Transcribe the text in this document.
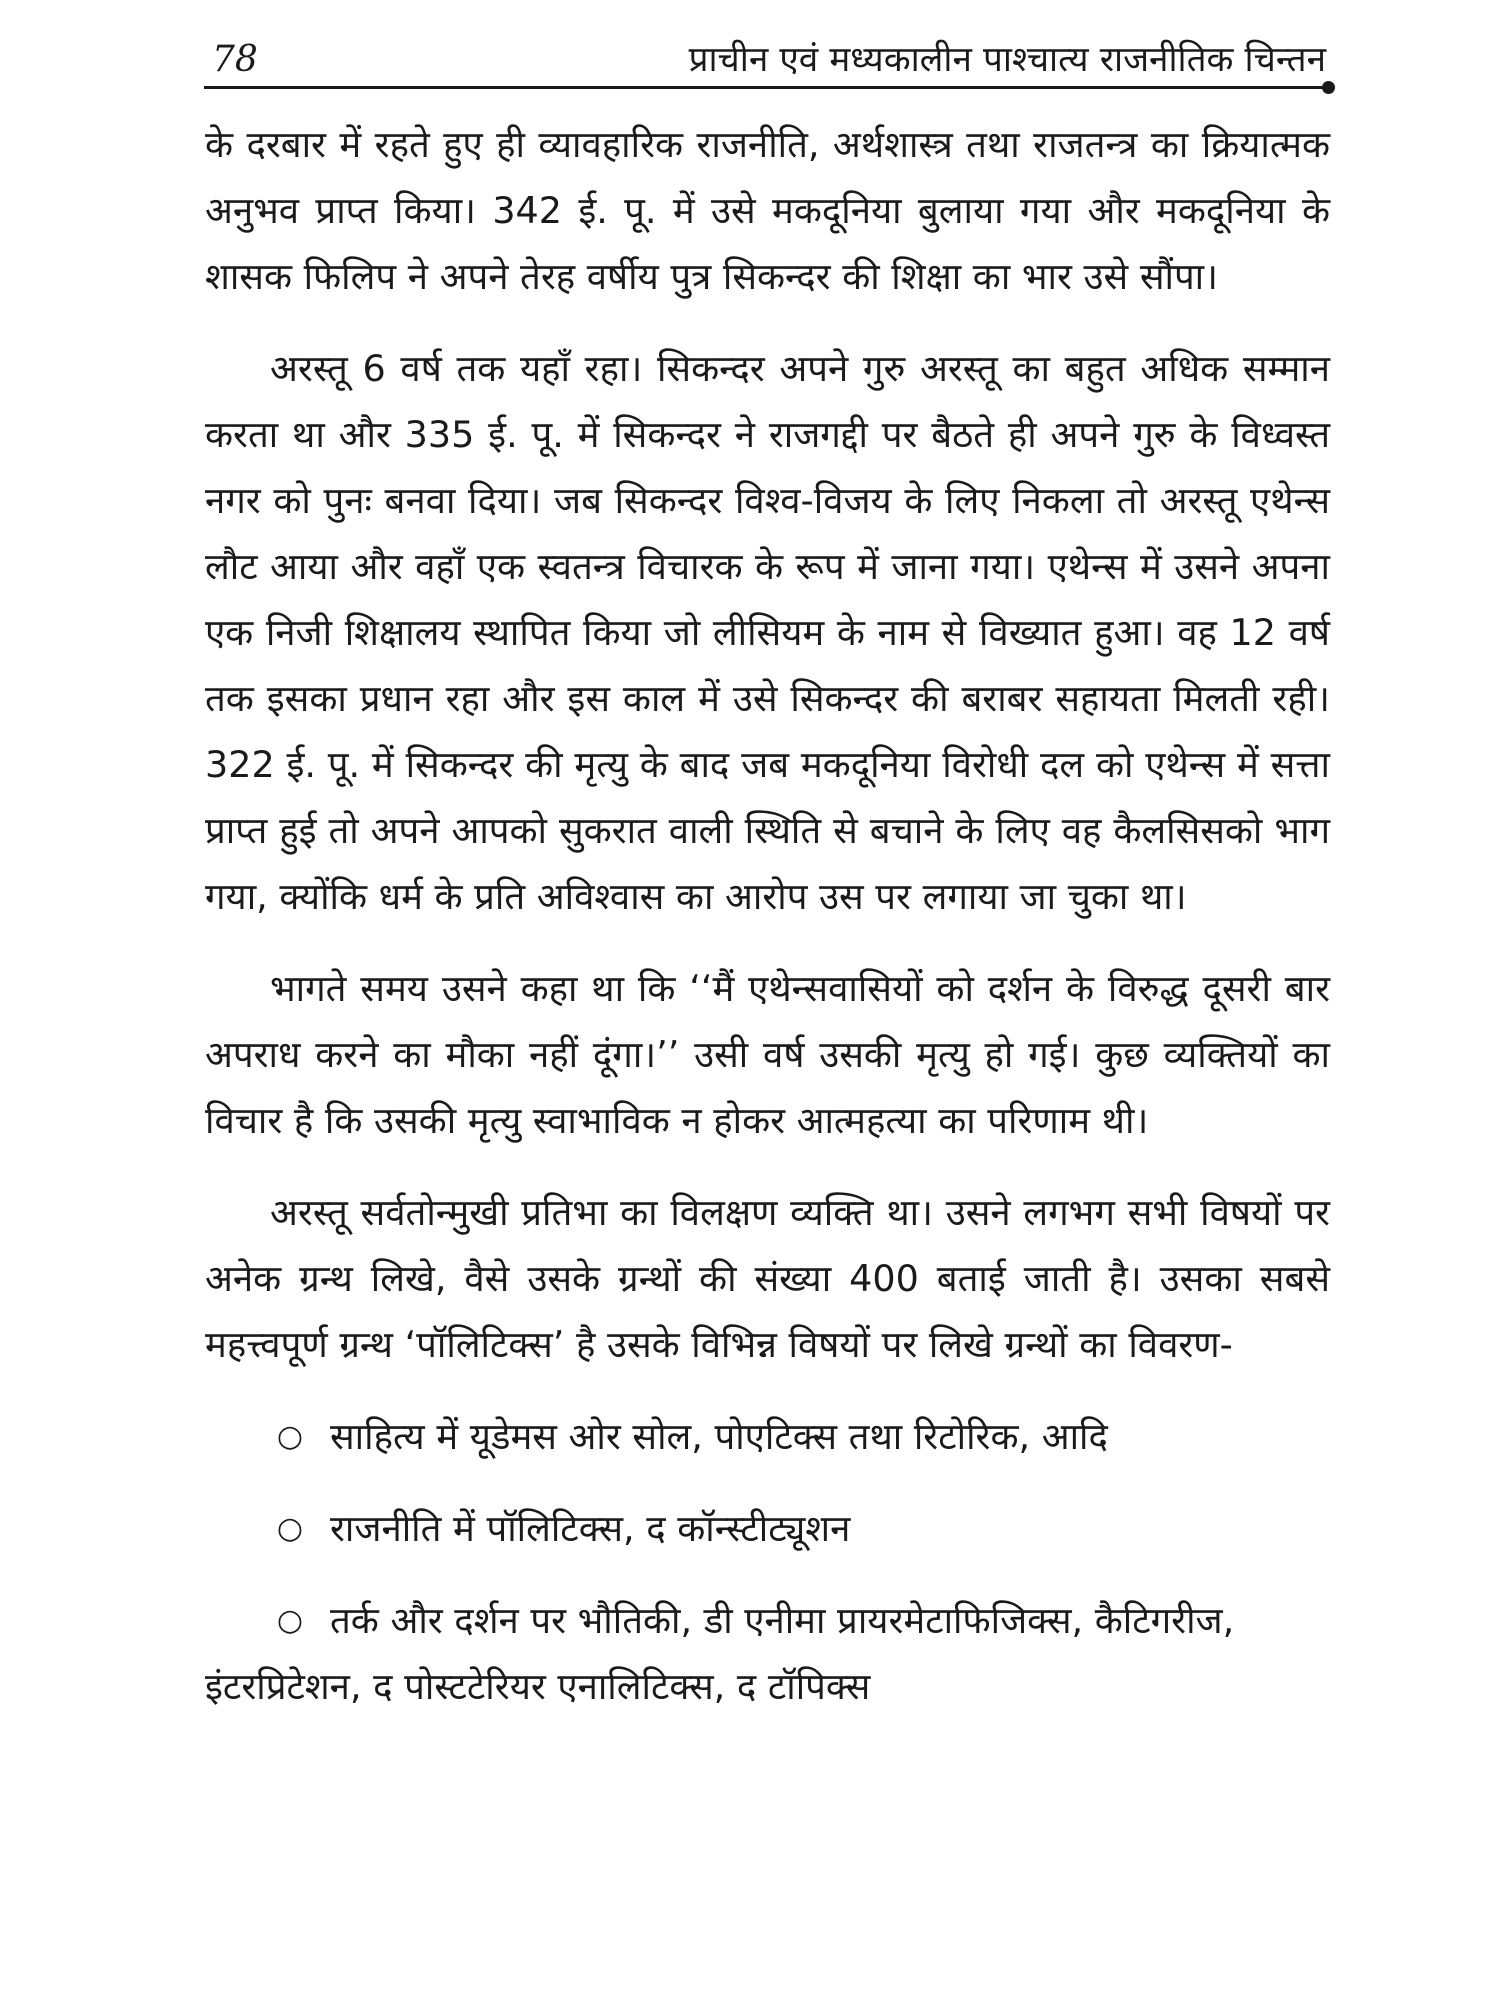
78	प्राचीन एवं मध्यकालीन पाश्चात्य राजनीतिक चिन्तन

के दरबार में रहते हुए ही व्यावहारिक राजनीति, अर्थशास्त्र तथा राजतन्त्र का क्रियात्मक अनुभव प्राप्त किया। 342 ई. पू. में उसे मकदूनिया बुलाया गया और मकदूनिया के शासक फिलिप ने अपने तेरह वर्षीय पुत्र सिकन्दर की शिक्षा का भार उसे सौंपा।

अरस्तू 6 वर्ष तक यहाँ रहा। सिकन्दर अपने गुरु अरस्तू का बहुत अधिक सम्मान करता था और 335 ई. पू. में सिकन्दर ने राजगद्दी पर बैठते ही अपने गुरु के विध्वस्त नगर को पुनः बनवा दिया। जब सिकन्दर विश्व-विजय के लिए निकला तो अरस्तू एथेन्स लौट आया और वहाँ एक स्वतन्त्र विचारक के रूप में जाना गया। एथेन्स में उसने अपना एक निजी शिक्षालय स्थापित किया जो लीसियम के नाम से विख्यात हुआ। वह 12 वर्ष तक इसका प्रधान रहा और इस काल में उसे सिकन्दर की बराबर सहायता मिलती रही। 322 ई. पू. में सिकन्दर की मृत्यु के बाद जब मकदूनिया विरोधी दल को एथेन्स में सत्ता प्राप्त हुई तो अपने आपको सुकरात वाली स्थिति से बचाने के लिए वह कैलसिसको भाग गया, क्योंकि धर्म के प्रति अविश्वास का आरोप उस पर लगाया जा चुका था।

भागते समय उसने कहा था कि ‘‘मैं एथेन्सवासियों को दर्शन के विरुद्ध दूसरी बार अपराध करने का मौका नहीं दूंगा।’’ उसी वर्ष उसकी मृत्यु हो गई। कुछ व्यक्तियों का विचार है कि उसकी मृत्यु स्वाभाविक न होकर आत्महत्या का परिणाम थी।

अरस्तू सर्वतोन्मुखी प्रतिभा का विलक्षण व्यक्ति था। उसने लगभग सभी विषयों पर अनेक ग्रन्थ लिखे, वैसे उसके ग्रन्थों की संख्या 400 बताई जाती है। उसका सबसे महत्त्वपूर्ण ग्रन्थ ‘पॉलिटिक्स’ है उसके विभिन्न विषयों पर लिखे ग्रन्थों का विवरण-

○ साहित्य में यूडेमस ओर सोल, पोएटिक्स तथा रिटोरिक, आदि
○ राजनीति में पॉलिटिक्स, द कॉन्स्टीट्यूशन
○ तर्क और दर्शन पर भौतिकी, डी एनीमा प्रायरमेटाफिजिक्स, कैटिगरीज, इंटरप्रिटेशन, द पोस्टटेरियर एनालिटिक्स, द टॉपिक्स
